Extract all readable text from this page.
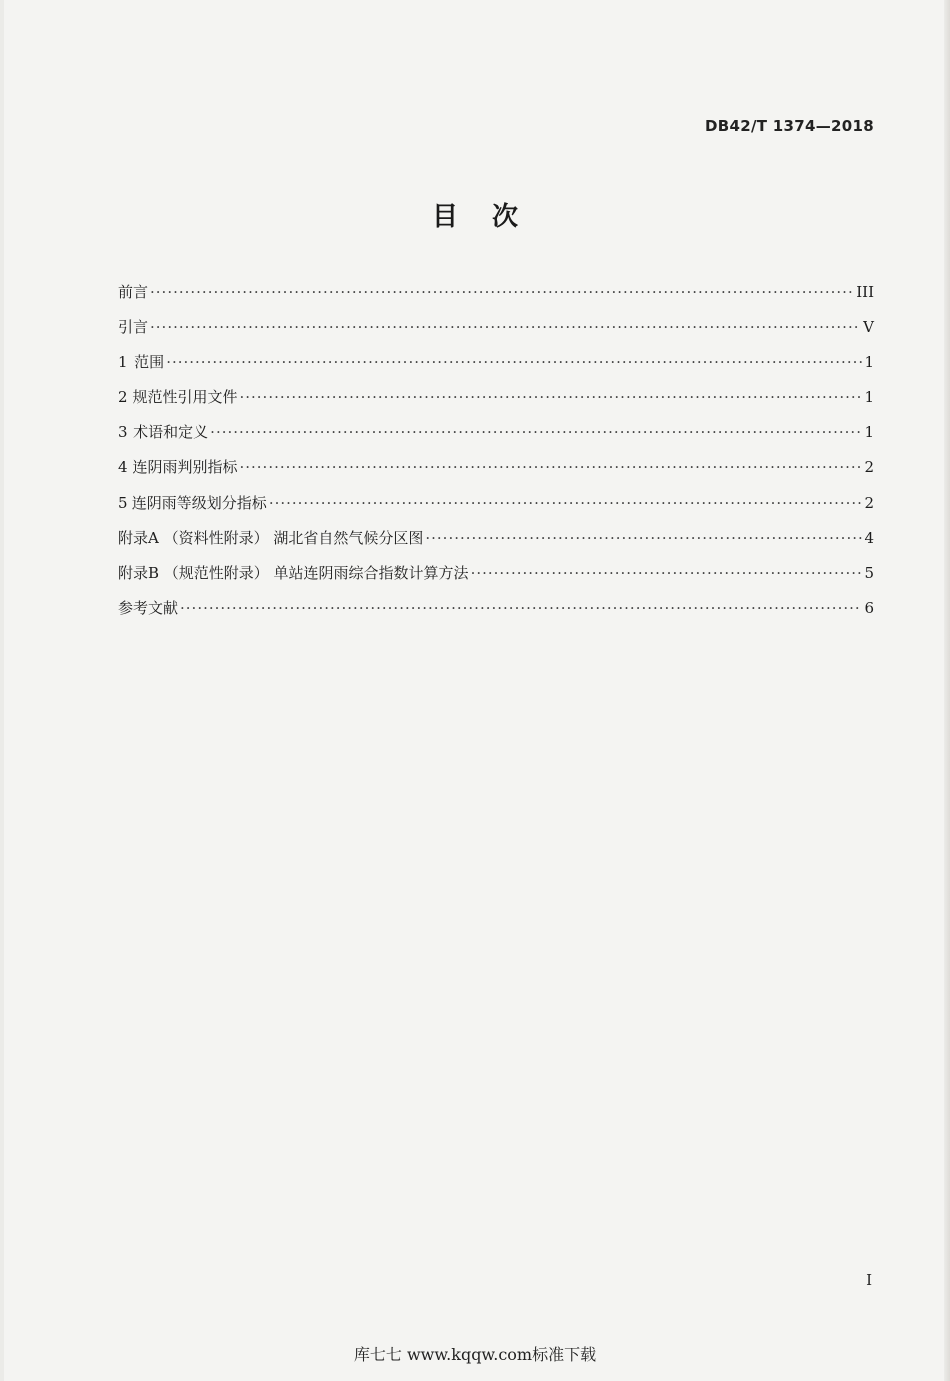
DB42/T 1374—2018
目次
前言 ·····	III
引言 ·····	V
1 范围 ·····	1
2 规范性引用文件 ·····	1
3 术语和定义 ·····	1
4 连阴雨判别指标 ·····	2
5 连阴雨等级划分指标 ·····	2
附录A （资料性附录） 湖北省自然气候分区图 ·····	4
附录B （规范性附录） 单站连阴雨综合指数计算方法 ·····	5
参考文献 ·····	6
I
库七七 www.kqqw.com标准下载
